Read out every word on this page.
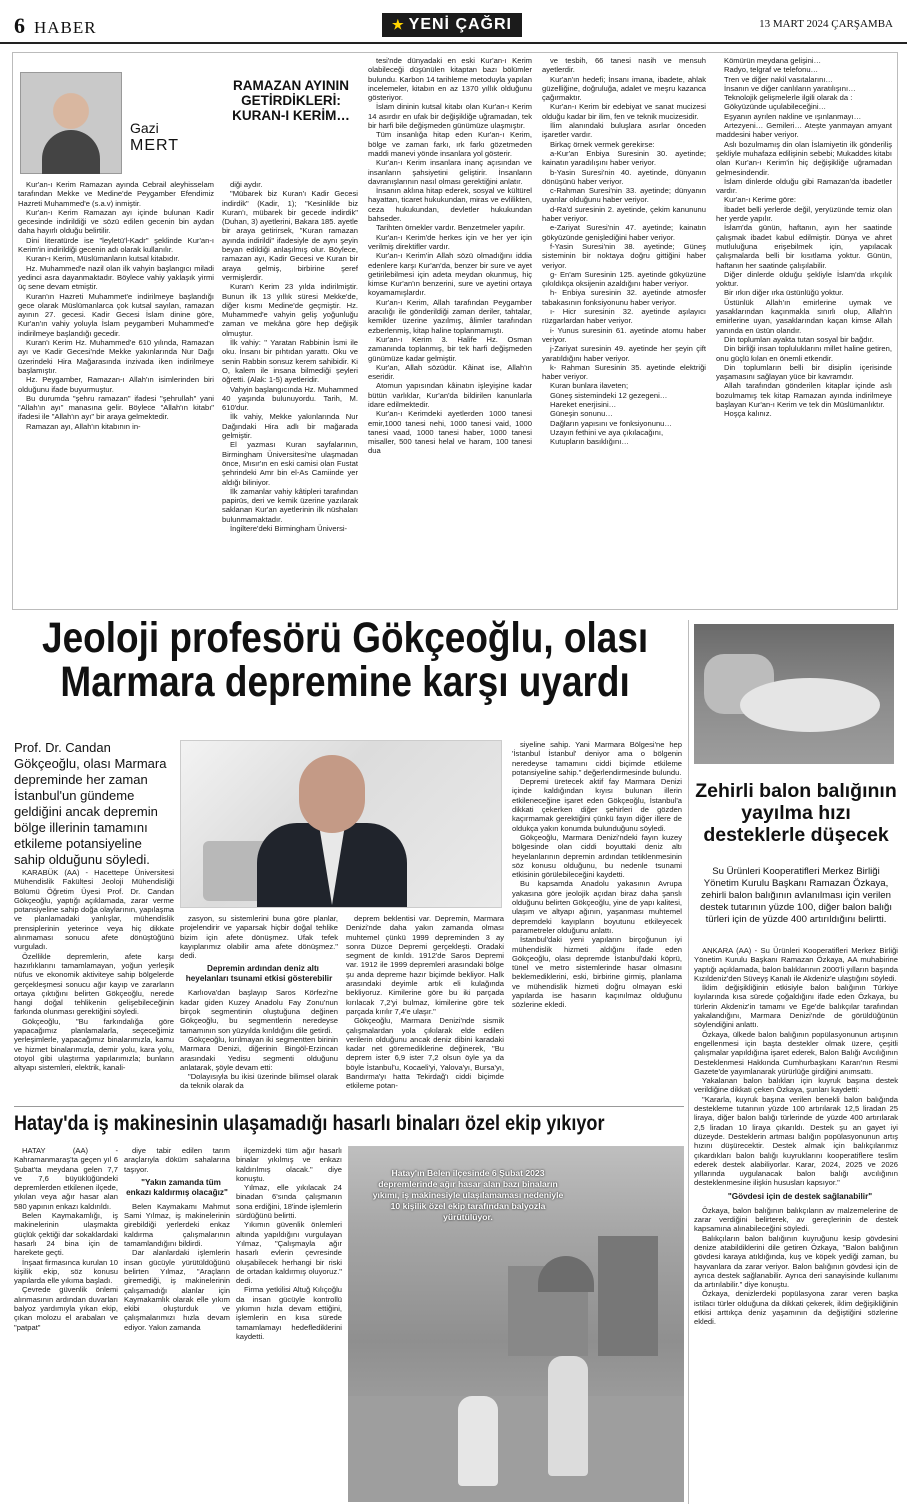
6 HABER	★ YENİ ÇAĞRI	13 MART 2024 ÇARŞAMBA
Gazi
MERT
RAMAZAN AYININ GETİRDİKLERİ: KURAN-I KERİM…

Kur'an-ı Kerim Ramazan ayında Cebrail aleyhisselam tarafından Mekke ve Medine'de Peygamber Efendimiz Hazreti Muhammed'e (s.a.v) inmiştir.

Kur'an-ı Kerim Ramazan ayı içinde bulunan Kadir gecesinde indirildiği ve sözü edilen gecenin bin aydan daha hayırlı olduğu belirtilir.

Dini literatürde ise "leyletü'l-Kadr" şeklinde Kur'an-ı Kerim'in indirildiği gecenin adı olarak kullanılır.

Kuran-ı Kerim, Müslümanların kutsal kitabıdır.

Hz. Muhammed'e nazil olan ilk vahyin başlangıcı miladi yedinci asra dayanmaktadır. Böylece vahiy yaklaşık yirmi üç sene devam etmiştir.

Kuran'ın Hazreti Muhammet'e indirilmeye başlandığı gece olarak Müslümanlarca çok kutsal sayılan, ramazan ayının 27. gecesi. Kadir Gecesi İslam dinine göre, Kur'an'ın vahiy yoluyla İslam peygamberi Muhammed'e indirilmeye başlandığı gecedir.

Kuran'ı Kerim Hz. Muhammed'e 610 yılında, Ramazan ayı ve Kadir Gecesi'nde Mekke yakınlarında Nur Dağı üzerindeki Hira Mağarasında inzivada iken indirilmeye başlamıştır.

Hz. Peygamber, Ramazan-ı Allah'ın isimlerinden biri olduğunu ifade buyurmuştur.

Bu durumda "şehru ramazan" ifadesi "şehrullah" yani "Allah'ın ayı" manasına gelir. Böylece "Allah'ın kitabı" ifadesi ile "Allah'ın ayı" bir araya gelmektedir.

Ramazan ayı, Allah'ın kitabının in-

diği aydır.

"Mübarek biz Kuran'ı Kadir Gecesi indirdik" (Kadir, 1); "Kesinlikle biz Kuran'ı, mübarek bir gecede indirdik" (Duhan, 3) ayetlerini, Bakara 185. ayetle bir araya getirirsek, "Kuran ramazan ayında indirildi" ifadesiyle de aynı şeyin beyan edildiği anlaşılmış olur. Böylece, ramazan ayı, Kadir Gecesi ve Kuran bir araya gelmiş, birbirine şeref vermişlerdir.

Kuran'ı Kerim 23 yılda indirilmiştir. Bunun ilk 13 yıllık süresi Mekke'de, diğer kısmı Medine'de geçmiştir. Hz. Muhammed'e vahyin geliş yoğunluğu zaman ve mekâna göre hep değişik olmuştur.

İlk vahiy: " Yaratan Rabbinin İsmi ile oku. İnsanı bir pıhtıdan yarattı. Oku ve senin Rabbin sonsuz kerem sahibidir. Ki O, kalem ile insana bilmediği şeyleri öğretti. (Alak: 1-5) ayetleridir.

Vahyin başlangıcında Hz. Muhammed 40 yaşında bulunuyordu. Tarih, M. 610'dur.

İlk vahiy, Mekke yakınlarında Nur Dağındaki Hira adlı bir mağarada gelmiştir.

El yazması Kuran sayfalarının, Birmingham Üniversitesi'ne ulaşmadan önce, Mısır'ın en eski camisi olan Fustat şehrindeki Amr bin el-As Camiinde yer aldığı biliniyor.

İlk zamanlar vahiy kâtipleri tarafından papirüs, deri ve kemik üzerine yazılarak saklanan Kur'an ayetlerinin ilk nüshaları bulunmamaktadır.

İngiltere'deki Birmingham Üniversi-

tesi'nde dünyadaki en eski Kur'an-ı Kerim olabileceği düşünülen kitaptan bazı bölümler bulundu. Karbon 14 tarihleme metoduyla yapılan incelemeler, kitabın en az 1370 yıllık olduğunu gösteriyor.

İslam dininin kutsal kitabı olan Kur'an-ı Kerim 14 asırdır en ufak bir değişikliğe uğramadan, tek bir harfi bile değişmeden günümüze ulaşmıştır.

Tüm insanlığa hitap eden Kur'an-ı Kerim, bölge ve zaman farkı, ırk farkı gözetmeden maddi manevi yönde insanlara yol gösterir.

Kur'an-ı Kerim insanlara inanç açısından ve insanların şahsiyetini geliştirir. İnsanların davranışlarının nasıl olması gerektiğini anlatır.

İnsanın aklına hitap ederek, sosyal ve kültürel hayattan, ticaret hukukundan, miras ve evlilikten, ceza hukukundan, devletler hukukundan bahseder.

Tarihten örnekler vardır. Benzetmeler yapılır.

Kur'an-ı Kerim'de herkes için ve her yer için verilmiş direktifler vardır.

Kur'an-ı Kerim'in Allah sözü olmadığını iddia edenlere karşı Kur'an'da, benzer bir sure ve ayet getirilebilmesi için adeta meydan okunmuş, hiç kimse Kur'an'ın benzerini, sure ve ayetini ortaya koyamamışlardır.

Kur'an-ı Kerim, Allah tarafından Peygamber aracılığı ile gönderildiği zaman deriler, tahtalar, kemikler üzerine yazılmış, âlimler tarafından ezberlenmiş, kitap haline toplanmamıştı.

Kur'an-ı Kerim 3. Halife Hz. Osman zamanında toplanmış, bir tek harfi değişmeden günümüze kadar gelmiştir.

Kur'an, Allah sözüdür. Kâinat ise, Allah'ın eseridir.

Atomun yapısından kâinatın işleyişine kadar bütün varlıklar, Kur'an'da bildirilen kanunlarla idare edilmektedir.

Kur'an-ı Kerimdeki ayetlerden 1000 tanesi emir,1000 tanesi nehi, 1000 tanesi vaid, 1000 tanesi vaad, 1000 tanesi haber, 1000 tanesi misaller, 500 tanesi helal ve haram, 100 tanesi dua

ve tesbih, 66 tanesi nasih ve mensuh ayetlerdir.

Kur'an'ın hedefi; İnsanı imana, ibadete, ahlak güzelliğine, doğruluğa, adalet ve meşru kazanca çağırmaktır.

Kur'an-ı Kerim bir edebiyat ve sanat mucizesi olduğu kadar bir ilim, fen ve teknik mucizesidir.

İlim alanındaki buluşlara asırlar önceden işaretler vardır.

Birkaç örnek vermek gerekirse:

a-Kur'an Enbiya Suresinin 30. ayetinde; kainatın yaradılışını haber veriyor.

b-Yasin Suresi'nin 40. ayetinde, dünyanın dönüşünü haber veriyor.

c-Rahman Suresi'nin 33. ayetinde; dünyanın uyarılar olduğunu haber veriyor.

d-Ra'd suresinin 2. ayetinde, çekim kanununu haber veriyor.

e-Zariyat Suresi'nin 47. ayetinde; kainatın gökyüzünde genişlediğini haber veriyor.

f-Yasin Suresi'nin 38. ayetinde; Güneş sisteminin bir noktaya doğru gittiğini haber veriyor.

g- En'am Suresinin 125. ayetinde gökyüzüne çıkıldıkça oksijenin azaldığını haber veriyor.

h- Enbiya suresinin 32. ayetinde atmosfer tabakasının fonksiyonunu haber veriyor.

ı- Hicr suresinin 32. ayetinde aşılayıcı rüzgarlardan haber veriyor.

i- Yunus suresinin 61. ayetinde atomu haber veriyor.

j-Zariyat suresinin 49. ayetinde her şeyin çift yaratıldığını haber veriyor.

k- Rahman Suresinin 35. ayetinde elektriği haber veriyor.

Kuran bunlara ilaveten;

Güneş sistemindeki 12 gezegeni…

Hareket enerjisini…

Güneşin sonunu…

Dağların yapısını ve fonksiyonunu…

Uzayın fethini ve aya çıkılacağını,

Kutupların basıklığını…

Kömürün meydana gelişini…

Radyo, telgraf ve telefonu…

Tren ve diğer nakil vasıtalarını…

İnsanın ve diğer canlıların yaratılışını…

Teknolojik gelişmelerle ilgili olarak da :

Gökyüzünde uçulabileceğini…

Eşyanın ayrılen nakline ve ışınlanmayı…

Artezyeni… Gemileri… Ateşte yanmayan amyant maddesini haber veriyor.

Aslı bozulmamış din olan İslamiyetin ilk gönderiliş şekliyle muhafaza edilişinin sebebi; Mukaddes kitabı olan Kur'an-ı Kerim'in hiç değişikliğe uğramadan gelmesindendir.

İslam dinlerde olduğu gibi Ramazan'da ibadetler vardır.

Kur'an-ı Kerime göre:

İbadet belli yerlerde değil, yeryüzünde temiz olan her yerde yapılır.

İslam'da günün, haftanın, ayın her saatinde çalışmak ibadet kabul edilmiştir. Dünya ve ahret mutluluğuna erişebilmek için, yapılacak çalışmalarda belli bir kısıtlama yoktur. Günün, haftanın her saatinde çalışılabilir.

Diğer dinlerde olduğu şekliyle İslam'da ırkçılık yoktur.

Bir ırkın diğer ırka üstünlüğü yoktur.

Üstünlük Allah'ın emirlerine uymak ve yasaklarından kaçınmakla sınırlı olup, Allah'ın emirlerine uyan, yasaklarından kaçan kimse Allah yanında en üstün olandır.

Din toplumları ayakta tutan sosyal bir bağdır.

Din birliği insan topluluklarını millet haline getiren, onu güçlü kılan en önemli etkendir.

Din toplumların belli bir disiplin içerisinde yaşamasını sağlayan yüce bir kavramdır.

Allah tarafından gönderilen kitaplar içinde aslı bozulmamış tek kitap Ramazan ayında indirilmeye başlayan Kur'an-ı Kerim ve tek din Müslümanlıktır.

Hoşça kalınız.

Jeoloji profesörü Gökçeoğlu, olası
Marmara depremine karşı uyardı
Prof. Dr. Candan Gökçeoğlu, olası Marmara depreminde her zaman İstanbul'un gündeme geldiğini ancak depremin bölge illerinin tamamını etkileme potansiyeline sahip olduğunu söyledi.

KARABÜK (AA) - Hacettepe Üniversitesi Mühendislik Fakültesi Jeoloji Mühendisliği Bölümü Öğretim Üyesi Prof. Dr. Candan Gökçeoğlu, yaptığı açıklamada, zarar verme potansiyeline sahip doğa olaylarının, yapılaşma ve planlamadaki yanlışlar, mühendislik prensiplerinin yeterince veya hiç dikkate alınmaması sonucu afete dönüştüğünü vurguladı.

Özellikle depremlerin, afete karşı hazırlıklarını tamamlamayan, yoğun yerleşik nüfus ve ekonomik aktiviteye sahip bölgelerde gerçekleşmesi sonucu ağır kayıp ve zararların ortaya çıktığını belirten Gökçeoğlu, nerede hangi doğal tehlikenin gelişebileceğinin farkında olunması gerektiğini söyledi.

Gökçeoğlu, "Bu farkındalığa göre yapacağımız planlamalarla, seçeceğimiz yerleşimlerle, yapacağımız binalarımızla, kamu ve hizmet binalarımızla, demir yolu, kara yolu, otoyol gibi ulaştırma yapılarımızla; bunların altyapı sistemleri, elektrik, kanali-

zasyon, su sistemlerini buna göre planlar, projelendirir ve yaparsak hiçbir doğal tehlike bizim için afete dönüşmez. Ufak tefek kayıplarımız olabilir ama afete dönüşmez." dedi.

Depremin ardından deniz altı heyelanları tsunami etkisi gösterebilir

Karlıova'dan başlayıp Saros Körfezi'ne kadar giden Kuzey Anadolu Fay Zonu'nun birçok segmentinin oluştuğuna değinen Gökçeoğlu, bu segmentlerin neredeyse tamamının son yüzyılda kırıldığını dile getirdi.

Gökçeoğlu, kırılmayan iki segmentten birinin Marmara Denizi, diğerinin Bingöl-Erzincan arasındaki Yedisu segmenti olduğunu anlatarak, şöyle devam etti:

"Dolayısıyla bu ikisi üzerinde bilimsel olarak da teknik olarak da

deprem beklentisi var. Depremin, Marmara Denizi'nde daha yakın zamanda olması muhtemel çünkü 1999 depreminden 3 ay sonra Düzce Depremi gerçekleşti. Oradaki segment de kırıldı. 1912'de Saros Depremi var. 1912 ile 1999 depremleri arasındaki bölge şu anda depreme hazır biçimde bekliyor. Halk arasındaki deyimle artık eli kulağında bekliyoruz. Kimilerine göre bu iki parçada kırılacak 7,2'yi bulmaz, kimilerine göre tek parçada kırılır 7,4'e ulaşır."

Gökçeoğlu, Marmara Denizi'nde sismik çalışmalardan yola çıkılarak elde edilen verilerin olduğunu ancak deniz dibini karadaki kadar net göremediklerine değinerek, "Bu deprem ister 6,9 ister 7,2 olsun öyle ya da böyle İstanbul'u, Kocaeli'yi, Yalova'yı, Bursa'yı, Bandırma'yı hatta Tekirdağ'ı ciddi biçimde etkileme potan-

siyeline sahip. Yani Marmara Bölgesi'ne hep 'İstanbul İstanbul' deniyor ama o bölgenin neredeyse tamamını ciddi biçimde etkileme potansiyeline sahip." değerlendirmesinde bulundu.

Depremi üretecek aktif fay Marmara Denizi içinde kaldığından kıyısı bulunan illerin etkileneceğine işaret eden Gökçeoğlu, İstanbul'a dikkati çekerken diğer şehirleri de gözden kaçırmamak gerektiğini çünkü fayın diğer illere de oldukça yakın konumda bulunduğunu söyledi.

Gökçeoğlu, Marmara Denizi'ndeki fayın kuzey bölgesinde olan ciddi boyuttaki deniz altı heyelanlarının depremin ardından tetiklenmesinin söz konusu olduğunu, bu nedenle tsunami etkisinin görülebileceğini kaydetti.

Bu kapsamda Anadolu yakasının Avrupa yakasına göre jeolojik açıdan biraz daha şanslı olduğunu belirten Gökçeoğlu, yine de yapı kalitesi, ulaşım ve altyapı ağının, yaşanması muhtemel depremdeki kayıpların boyutunu etkileyecek parametreler olduğunu anlattı.

İstanbul'daki yeni yapıların birçoğunun iyi mühendislik hizmeti aldığını ifade eden Gökçeoğlu, olası depremde İstanbul'daki köprü, tünel ve metro sistemlerinde hasar olmasını beklemediklerini, eski, birbirine girmiş, planlama ve mühendislik hizmeti doğru olmayan eski yapılarda ise hasarın kaçınılmaz olduğunu sözlerine ekledi.

Zehirli balon balığının yayılma hızı desteklerle düşecek
Su Ürünleri Kooperatifleri Merkez Birliği Yönetim Kurulu Başkanı Ramazan Özkaya, zehirli balon balığının avlanılması için verilen destek tutarının yüzde 100, diğer balon balığı türleri için de yüzde 400 artırıldığını belirtti.

ANKARA (AA) - Su Ürünleri Kooperatifleri Merkez Birliği Yönetim Kurulu Başkanı Ramazan Özkaya, AA muhabirine yaptığı açıklamada, balon balıklarının 2000'li yılların başında Kızıldeniz'den Süveyş Kanalı ile Akdeniz'e ulaştığını söyledi.

İklim değişikliğinin etkisiyle balon balığının Türkiye kıyılarında kısa sürede çoğaldığını ifade eden Özkaya, bu türlerin Akdeniz'in tamamı ve Ege'de balıkçılar tarafından yakalandığını, Marmara Denizi'nde de görüldüğünün söylendiğini anlattı.

Özkaya, ülkede balon balığının popülasyonunun artışının engellenmesi için başta destekler olmak üzere, çeşitli çalışmalar yapıldığına işaret ederek, Balon Balığı Avcılığının Desteklenmesi Hakkında Cumhurbaşkanı Kararı'nın Resmi Gazete'de yayımlanarak yürürlüğe girdiğini anımsattı.

Yakalanan balon balıkları için kuyruk başına destek verildiğine dikkati çeken Özkaya, şunları kaydetti:

"Kararla, kuyruk başına verilen benekli balon balığında destekleme tutarının yüzde 100 artırılarak 12,5 liradan 25 liraya, diğer balon balığı türlerinde de yüzde 400 artırılarak 2,5 liradan 10 liraya çıkarıldı. Destek şu an gayet iyi düzeyde. Desteklerin artması balığın popülasyonunun artış hızını düşürecektir. Destek almak için balıkçılarımız çıkardıkları balon balığı kuyruklarını kooperatiflere teslim ederek destek alabiliyorlar. Karar, 2024, 2025 ve 2026 yıllarında uygulanacak balon balığı avcılığının desteklenmesine ilişkin hususları kapsıyor."

"Gövdesi için de destek sağlanabilir"

Özkaya, balon balığının balıkçıların av malzemelerine de zarar verdiğini belirterek, av gereçlerinin de destek kapsamına alınabileceğini söyledi.

Balıkçıların balon balığının kuyruğunu kesip gövdesini denize atabildiklerini dile getiren Özkaya, "Balon balığının gövdesi karaya atıldığında, kuş ve köpek yediği zaman, bu hayvanlara da zarar veriyor. Balon balığının gövdesi için de ayrıca destek sağlanabilir. Ayrıca deri sanayisinde kullanımı da artırılabilir." diye konuştu.

Özkaya, denizlerdeki popülasyona zarar veren başka istilacı türler olduğuna da dikkati çekerek, iklim değişikliğinin etkisi arttıkça deniz yaşamının da değiştiğini sözlerine ekledi.

Hatay'da iş makinesinin ulaşamadığı hasarlı binaları özel ekip yıkıyor

HATAY (AA) - Kahramanmaraş'ta geçen yıl 6 Şubat'ta meydana gelen 7,7 ve 7,6 büyüklüğündeki depremlerden etkilenen ilçede, yıkılan veya ağır hasar alan 580 yapının enkazı kaldırıldı.

Belen Kaymakamlığı, iş makinelerinin ulaşmakta güçlük çektiği dar sokaklardaki hasarlı 24 bina için de harekete geçti.

İnşaat firmasınca kurulan 10 kişilik ekip, söz konusu yapılarda elle yıkıma başladı.

Çevrede güvenlik önlemi alınmasının ardından duvarları balyoz yardımıyla yıkan ekip, çıkan molozu el arabaları ve "patpat"

diye tabir edilen tarım araçlarıyla döküm sahalarına taşıyor.

"Yakın zamanda tüm enkazı kaldırmış olacağız"

Belen Kaymakamı Mahmut Sami Yılmaz, iş makinelerinin girebildiği yerlerdeki enkaz kaldırma çalışmalarının tamamlandığını bildirdi.

Dar alanlardaki işlemlerin insan gücüyle yürütüldüğünü belirten Yılmaz, "Araçların giremediği, iş makinelerinin çalışamadığı alanlar için Kaymakamlık olarak elle yıkım ekibi oluşturduk ve çalışmalarımızı hızla devam ediyor. Yakın zamanda

ilçemizdeki tüm ağır hasarlı binalar yıkılmış ve enkazı kaldırılmış olacak." diye konuştu.

Yılmaz, elle yıkılacak 24 binadan 6'sında çalışmanın sona erdiğini, 18'inde işlemlerin sürdüğünü belirtti.

Yıkımın güvenlik önlemleri altında yapıldığını vurgulayan Yılmaz, "Çalışmayla ağır hasarlı evlerin çevresinde oluşabilecek herhangi bir riski de ortadan kaldırmış oluyoruz." dedi.

Firma yetkilisi Altuğ Kılıçoğlu da insan gücüyle kontrollü yıkımın hızla devam ettiğini, işlemlerin en kısa sürede tamamlamayı hedeflediklerini kaydetti.

Hatay'ın Belen ilçesinde 6 Şubat 2023 depremlerinde ağır hasar alan bazı binaların yıkımı, iş makinesiyle ulaşılamaması nedeniyle 10 kişilik özel ekip tarafından balyozla yürütülüyor.
